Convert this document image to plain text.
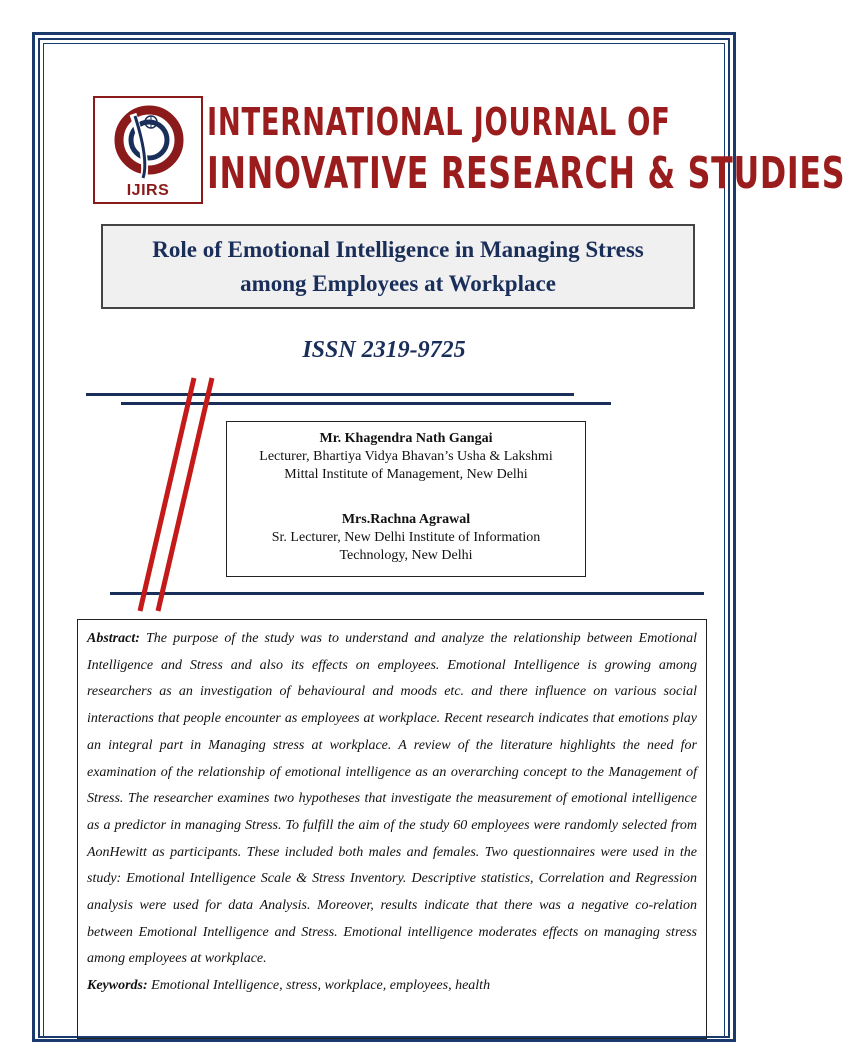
IJIRS
INTERNATIONAL JOURNAL OF
INNOVATIVE RESEARCH & STUDIES
Role of Emotional Intelligence in Managing Stress
among Employees at Workplace
ISSN 2319-9725
Mr. Khagendra Nath Gangai
Lecturer, Bhartiya Vidya Bhavan’s Usha & Lakshmi
Mittal Institute of Management, New Delhi
Mrs.Rachna Agrawal
Sr. Lecturer, New Delhi Institute of Information
Technology, New Delhi

Abstract: The purpose of the study was to understand and analyze the relationship between Emotional Intelligence and Stress and also its effects on employees. Emotional Intelligence is growing among researchers as an investigation of behavioural and moods etc. and there influence on various social interactions that people encounter as employees at workplace. Recent research indicates that emotions play an integral part in Managing stress at workplace. A review of the literature highlights the need for examination of the relationship of emotional intelligence as an overarching concept to the Management of Stress. The researcher examines two hypotheses that investigate the measurement of emotional intelligence as a predictor in managing Stress. To fulfill the aim of the study 60 employees were randomly selected from AonHewitt as participants. These included both males and females. Two questionnaires were used in the study: Emotional Intelligence Scale & Stress Inventory. Descriptive statistics, Correlation and Regression analysis were used for data Analysis. Moreover, results indicate that there was a negative co-relation between Emotional Intelligence and Stress. Emotional intelligence moderates effects on managing stress among employees at workplace.

Keywords: Emotional Intelligence, stress, workplace, employees, health
